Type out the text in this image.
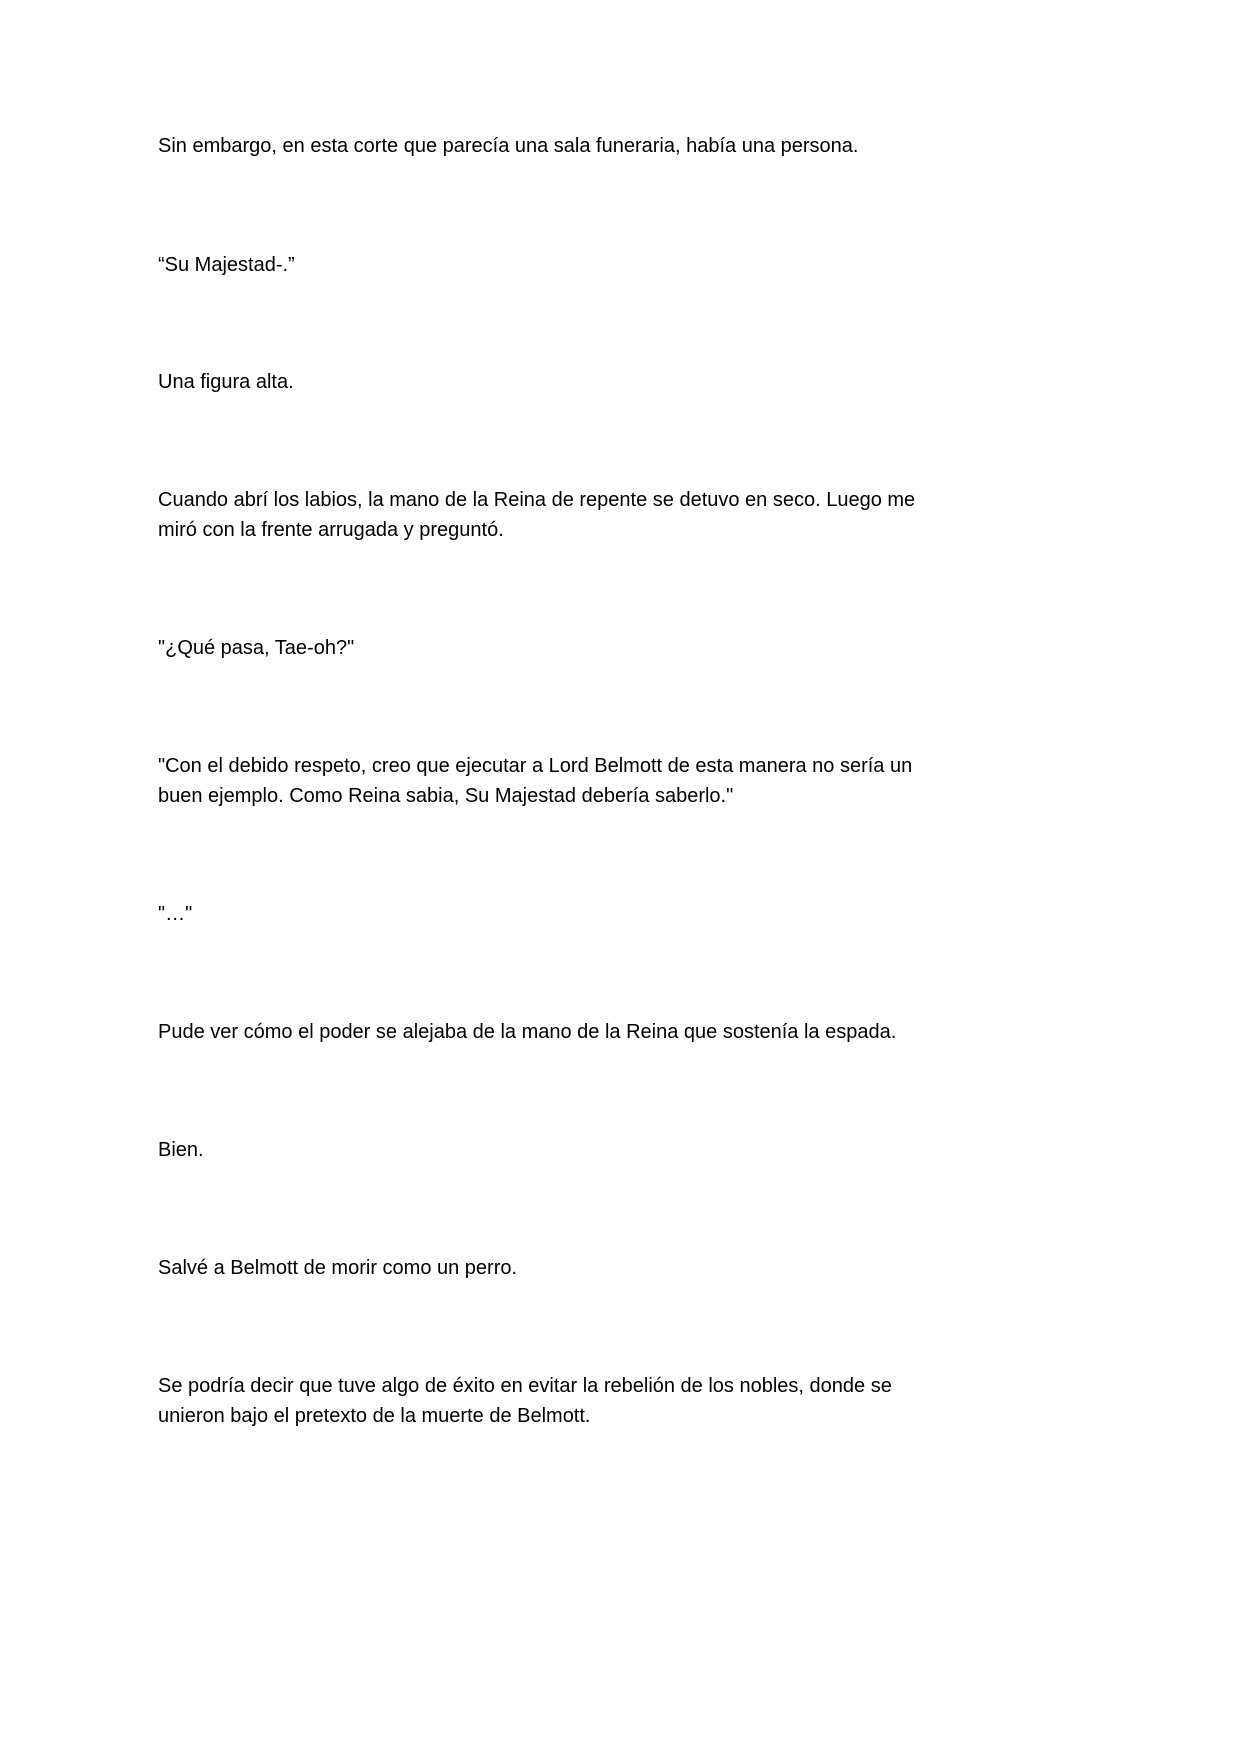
Sin embargo, en esta corte que parecía una sala funeraria, había una persona.

“Su Majestad-.”

Una figura alta.

Cuando abrí los labios, la mano de la Reina de repente se detuvo en seco. Luego me miró con la frente arrugada y preguntó.

"¿Qué pasa, Tae-oh?"

"Con el debido respeto, creo que ejecutar a Lord Belmott de esta manera no sería un buen ejemplo. Como Reina sabia, Su Majestad debería saberlo."

"…"

Pude ver cómo el poder se alejaba de la mano de la Reina que sostenía la espada.

Bien.

Salvé a Belmott de morir como un perro.

Se podría decir que tuve algo de éxito en evitar la rebelión de los nobles, donde se unieron bajo el pretexto de la muerte de Belmott.
